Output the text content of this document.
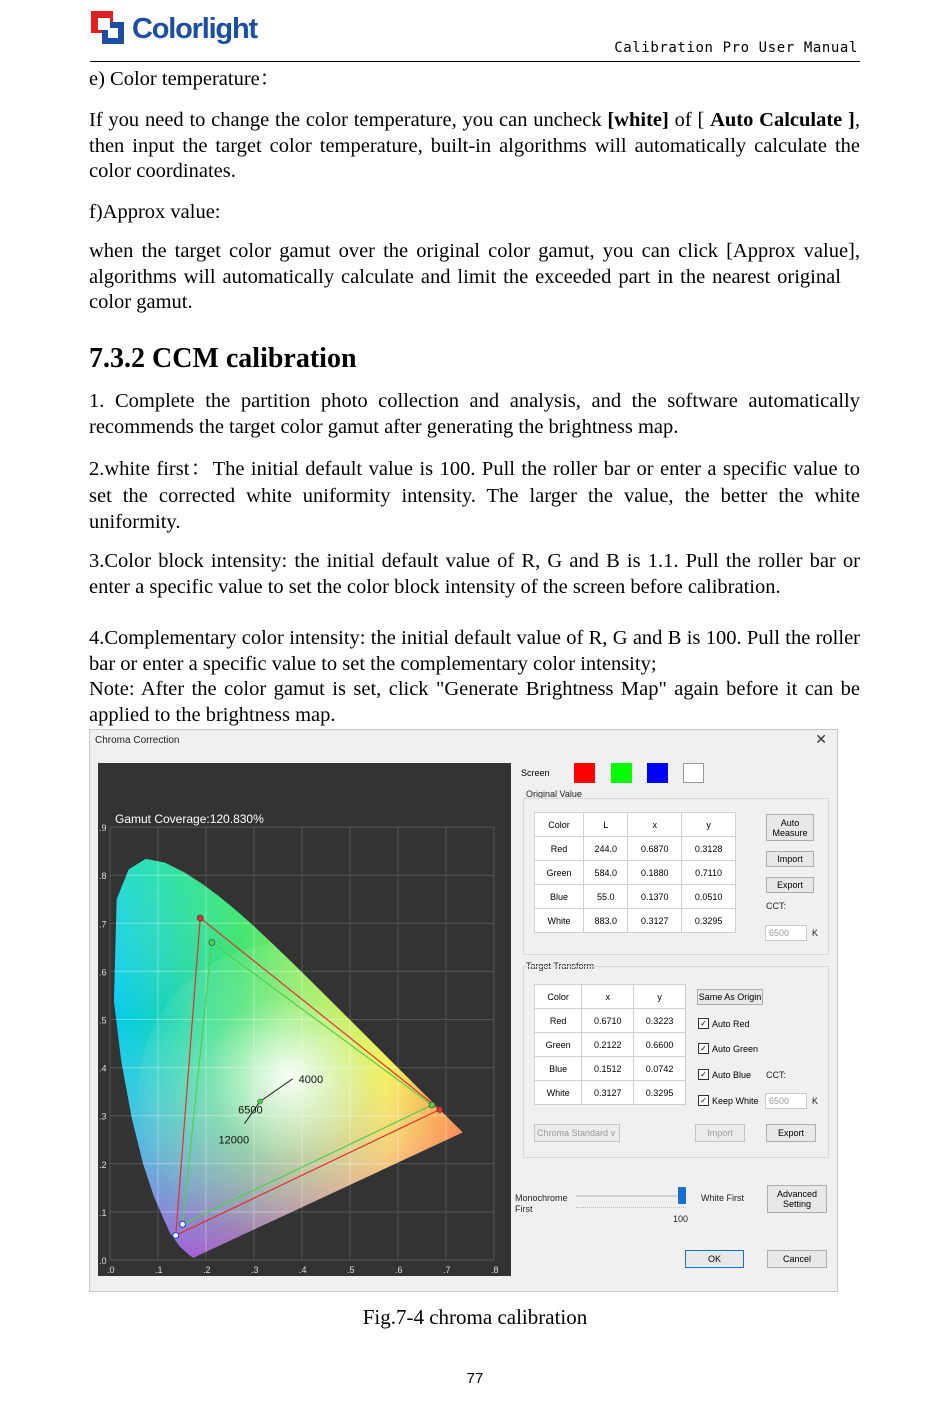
Colorlight
Calibration Pro User Manual
e) Color temperature：
If you need to change the color temperature, you can uncheck [white] of [ Auto Calculate ], then input the target color temperature, built-in algorithms will automatically calculate the color coordinates.
f)Approx value:
when the target color gamut over the original color gamut, you can click [Approx value], algorithms will automatically calculate and limit the exceeded part in the nearest original    color gamut.
7.3.2 CCM calibration
1. Complete the partition photo collection and analysis, and the software automatically recommends the target color gamut after generating the brightness map.
2.white first：The initial default value is 100. Pull the roller bar or enter a specific value to set the corrected white uniformity intensity. The larger the value, the better the white uniformity.
3.Color block intensity: the initial default value of R, G and B is 1.1. Pull the roller bar or enter a specific value to set the color block intensity of the screen before calibration.
4.Complementary color intensity: the initial default value of R, G and B is 100. Pull the roller bar or enter a specific value to set the complementary color intensity;
Note: After the color gamut is set, click "Generate Brightness Map" again before it can be applied to the brightness map.
Chroma Correction	✕
.0	.1	.2	.3	.4	.5	.6	.7	.8
.0
.1
.2
.3
.4
.5
.6
.7
.8
.9
4000
6500
12000
Gamut Coverage:120.830%
Screen
Original Value
Color	L	x	y
Red	244.0	0.6870	0.3128
Green	584.0	0.1880	0.7110
Blue	55.0	0.1370	0.0510
White	883.0	0.3127	0.3295
Auto Measure
Import
Export
CCT:
6500	K
Target Transform
Color	x	y
Red	0.6710	0.3223
Green	0.2122	0.6600
Blue	0.1512	0.0742
White	0.3127	0.3295
Same As Origin
✓ Auto Red
✓ Auto Green
✓ Auto Blue
✓ Keep White
CCT:
6500	K
Chroma Standard
v	Import	Export
Monochrome First
100
White First	Advanced Setting
OK	Cancel
Fig.7-4 chroma calibration
77
